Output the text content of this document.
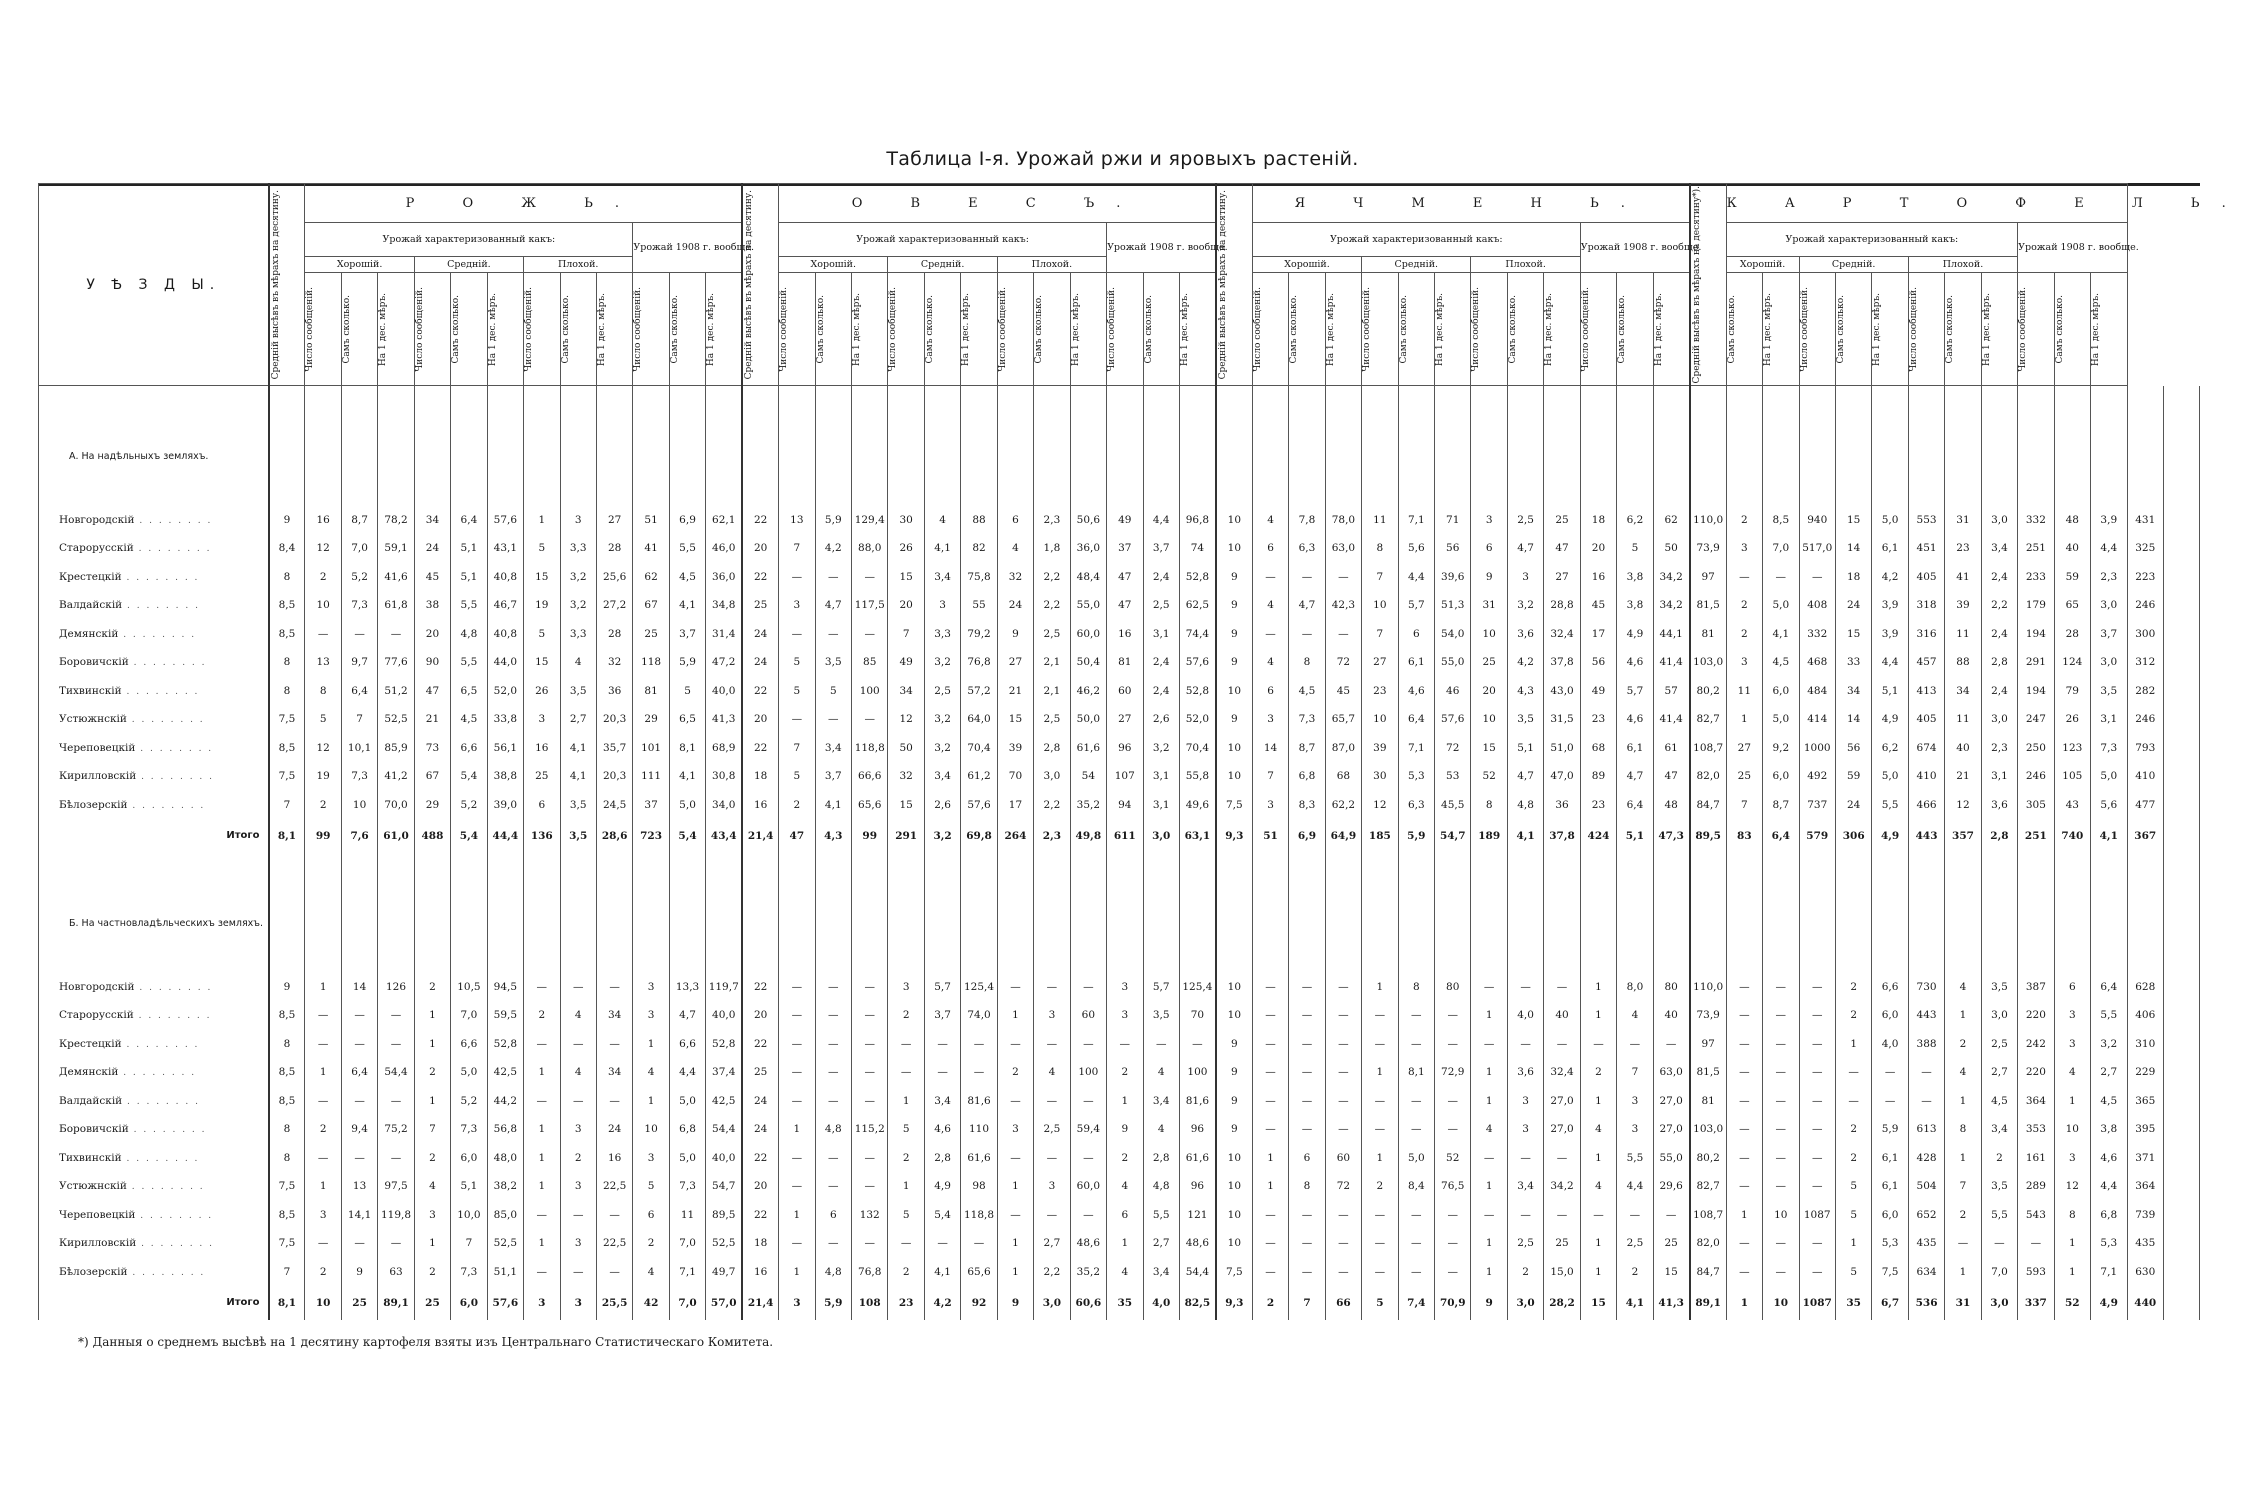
Таблица I-я. Урожай ржи и яровыхъ растеній.
У Ѣ З Д Ы.	Средній высѣвъ въ мѣрахъ на десятину.	Р О Ж Ь.												Средній высѣвъ въ мѣрахъ на десятину.	О В Е С Ъ.												Средній высѣвъ въ мѣрахъ на десятину.	Я Ч М Е Н Ь.												Средній высѣвъ въ мѣрахъ на десятину*).	К А Р Т О Ф Е Л Ь.												
		Урожай характеризованный какъ:									Урожай 1908 г. вообще.				Урожай характеризованный какъ:									Урожай 1908 г. вообще.				Урожай характеризованный какъ:									Урожай 1908 г. вообще.				Урожай характеризованный какъ:								Урожай 1908 г. вообще.				
		Хорошій.			Средній.			Плохой.							Хорошій.			Средній.			Плохой.							Хорошій.			Средній.			Плохой.							Хорошій.		Средній.			Плохой.							

		Число сообщеній.	Самъ сколько.	На 1 дес. мѣръ.	Число сообщеній.	Самъ сколько.	На 1 дес. мѣръ.	Число сообщеній.	Самъ сколько.	На 1 дес. мѣръ.	Число сообщеній.	Самъ сколько.	На 1 дес. мѣръ.		Число сообщеній.	Самъ сколько.	На 1 дес. мѣръ.	Число сообщеній.	Самъ сколько.	На 1 дес. мѣръ.	Число сообщеній.	Самъ сколько.	На 1 дес. мѣръ.	Число сообщеній.	Самъ сколько.	На 1 дес. мѣръ.		Число сообщеній.	Самъ сколько.	На 1 дес. мѣръ.	Число сообщеній.	Самъ сколько.	На 1 дес. мѣръ.	Число сообщеній.	Самъ сколько.	На 1 дес. мѣръ.	Число сообщеній.	Самъ сколько.	На 1 дес. мѣръ.		Самъ сколько.	На 1 дес. мѣръ.	Число сообщеній.	Самъ сколько.	На 1 дес. мѣръ.	Число сообщеній.	Самъ сколько.	На 1 дес. мѣръ.	Число сообщеній.	Самъ сколько.	На 1 дес. мѣръ.		

А. На надѣльныхъ земляхъ.																																																					
Новгородскій . . . . . . . .	9	16	8,7	78,2	34	6,4	57,6	1	3	27	51	6,9	62,1	22	13	5,9	129,4	30	4	88	6	2,3	50,6	49	4,4	96,8	10	4	7,8	78,0	11	7,1	71	3	2,5	25	18	6,2	62	110,0	2	8,5	940	15	5,0	553	31	3,0	332	48	3,9	431	
Старорусскій . . . . . . . .	8,4	12	7,0	59,1	24	5,1	43,1	5	3,3	28	41	5,5	46,0	20	7	4,2	88,0	26	4,1	82	4	1,8	36,0	37	3,7	74	10	6	6,3	63,0	8	5,6	56	6	4,7	47	20	5	50	73,9	3	7,0	517,0	14	6,1	451	23	3,4	251	40	4,4	325	
Крестецкій . . . . . . . .	8	2	5,2	41,6	45	5,1	40,8	15	3,2	25,6	62	4,5	36,0	22	—	—	—	15	3,4	75,8	32	2,2	48,4	47	2,4	52,8	9	—	—	—	7	4,4	39,6	9	3	27	16	3,8	34,2	97	—	—	—	18	4,2	405	41	2,4	233	59	2,3	223	
Валдайскій . . . . . . . .	8,5	10	7,3	61,8	38	5,5	46,7	19	3,2	27,2	67	4,1	34,8	25	3	4,7	117,5	20	3	55	24	2,2	55,0	47	2,5	62,5	9	4	4,7	42,3	10	5,7	51,3	31	3,2	28,8	45	3,8	34,2	81,5	2	5,0	408	24	3,9	318	39	2,2	179	65	3,0	246	
Демянскій . . . . . . . .	8,5	—	—	—	20	4,8	40,8	5	3,3	28	25	3,7	31,4	24	—	—	—	7	3,3	79,2	9	2,5	60,0	16	3,1	74,4	9	—	—	—	7	6	54,0	10	3,6	32,4	17	4,9	44,1	81	2	4,1	332	15	3,9	316	11	2,4	194	28	3,7	300	
Боровичскій . . . . . . . .	8	13	9,7	77,6	90	5,5	44,0	15	4	32	118	5,9	47,2	24	5	3,5	85	49	3,2	76,8	27	2,1	50,4	81	2,4	57,6	9	4	8	72	27	6,1	55,0	25	4,2	37,8	56	4,6	41,4	103,0	3	4,5	468	33	4,4	457	88	2,8	291	124	3,0	312	
Тихвинскій . . . . . . . .	8	8	6,4	51,2	47	6,5	52,0	26	3,5	36	81	5	40,0	22	5	5	100	34	2,5	57,2	21	2,1	46,2	60	2,4	52,8	10	6	4,5	45	23	4,6	46	20	4,3	43,0	49	5,7	57	80,2	11	6,0	484	34	5,1	413	34	2,4	194	79	3,5	282	
Устюжнскій . . . . . . . .	7,5	5	7	52,5	21	4,5	33,8	3	2,7	20,3	29	6,5	41,3	20	—	—	—	12	3,2	64,0	15	2,5	50,0	27	2,6	52,0	9	3	7,3	65,7	10	6,4	57,6	10	3,5	31,5	23	4,6	41,4	82,7	1	5,0	414	14	4,9	405	11	3,0	247	26	3,1	246	
Череповецкій . . . . . . . .	8,5	12	10,1	85,9	73	6,6	56,1	16	4,1	35,7	101	8,1	68,9	22	7	3,4	118,8	50	3,2	70,4	39	2,8	61,6	96	3,2	70,4	10	14	8,7	87,0	39	7,1	72	15	5,1	51,0	68	6,1	61	108,7	27	9,2	1000	56	6,2	674	40	2,3	250	123	7,3	793	
Кирилловскій . . . . . . . .	7,5	19	7,3	41,2	67	5,4	38,8	25	4,1	20,3	111	4,1	30,8	18	5	3,7	66,6	32	3,4	61,2	70	3,0	54	107	3,1	55,8	10	7	6,8	68	30	5,3	53	52	4,7	47,0	89	4,7	47	82,0	25	6,0	492	59	5,0	410	21	3,1	246	105	5,0	410	
Бѣлозерскій . . . . . . . .	7	2	10	70,0	29	5,2	39,0	6	3,5	24,5	37	5,0	34,0	16	2	4,1	65,6	15	2,6	57,6	17	2,2	35,2	94	3,1	49,6	7,5	3	8,3	62,2	12	6,3	45,5	8	4,8	36	23	6,4	48	84,7	7	8,7	737	24	5,5	466	12	3,6	305	43	5,6	477	
Итого	8,1	99	7,6	61,0	488	5,4	44,4	136	3,5	28,6	723	5,4	43,4	21,4	47	4,3	99	291	3,2	69,8	264	2,3	49,8	611	3,0	63,1	9,3	51	6,9	64,9	185	5,9	54,7	189	4,1	37,8	424	5,1	47,3	89,5	83	6,4	579	306	4,9	443	357	2,8	251	740	4,1	367	

Б. На частновладѣльческихъ земляхъ.																																																					
Новгородскій . . . . . . . .	9	1	14	126	2	10,5	94,5	—	—	—	3	13,3	119,7	22	—	—	—	3	5,7	125,4	—	—	—	3	5,7	125,4	10	—	—	—	1	8	80	—	—	—	1	8,0	80	110,0	—	—	—	2	6,6	730	4	3,5	387	6	6,4	628	
Старорусскій . . . . . . . .	8,5	—	—	—	1	7,0	59,5	2	4	34	3	4,7	40,0	20	—	—	—	2	3,7	74,0	1	3	60	3	3,5	70	10	—	—	—	—	—	—	1	4,0	40	1	4	40	73,9	—	—	—	2	6,0	443	1	3,0	220	3	5,5	406	
Крестецкій . . . . . . . .	8	—	—	—	1	6,6	52,8	—	—	—	1	6,6	52,8	22	—	—	—	—	—	—	—	—	—	—	—	—	9	—	—	—	—	—	—	—	—	—	—	—	—	97	—	—	—	1	4,0	388	2	2,5	242	3	3,2	310	
Демянскій . . . . . . . .	8,5	1	6,4	54,4	2	5,0	42,5	1	4	34	4	4,4	37,4	25	—	—	—	—	—	—	2	4	100	2	4	100	9	—	—	—	1	8,1	72,9	1	3,6	32,4	2	7	63,0	81,5	—	—	—	—	—	—	4	2,7	220	4	2,7	229	
Валдайскій . . . . . . . .	8,5	—	—	—	1	5,2	44,2	—	—	—	1	5,0	42,5	24	—	—	—	1	3,4	81,6	—	—	—	1	3,4	81,6	9	—	—	—	—	—	—	1	3	27,0	1	3	27,0	81	—	—	—	—	—	—	1	4,5	364	1	4,5	365	
Боровичскій . . . . . . . .	8	2	9,4	75,2	7	7,3	56,8	1	3	24	10	6,8	54,4	24	1	4,8	115,2	5	4,6	110	3	2,5	59,4	9	4	96	9	—	—	—	—	—	—	4	3	27,0	4	3	27,0	103,0	—	—	—	2	5,9	613	8	3,4	353	10	3,8	395	
Тихвинскій . . . . . . . .	8	—	—	—	2	6,0	48,0	1	2	16	3	5,0	40,0	22	—	—	—	2	2,8	61,6	—	—	—	2	2,8	61,6	10	1	6	60	1	5,0	52	—	—	—	1	5,5	55,0	80,2	—	—	—	2	6,1	428	1	2	161	3	4,6	371	
Устюжнскій . . . . . . . .	7,5	1	13	97,5	4	5,1	38,2	1	3	22,5	5	7,3	54,7	20	—	—	—	1	4,9	98	1	3	60,0	4	4,8	96	10	1	8	72	2	8,4	76,5	1	3,4	34,2	4	4,4	29,6	82,7	—	—	—	5	6,1	504	7	3,5	289	12	4,4	364	
Череповецкій . . . . . . . .	8,5	3	14,1	119,8	3	10,0	85,0	—	—	—	6	11	89,5	22	1	6	132	5	5,4	118,8	—	—	—	6	5,5	121	10	—	—	—	—	—	—	—	—	—	—	—	—	108,7	1	10	1087	5	6,0	652	2	5,5	543	8	6,8	739	
Кирилловскій . . . . . . . .	7,5	—	—	—	1	7	52,5	1	3	22,5	2	7,0	52,5	18	—	—	—	—	—	—	1	2,7	48,6	1	2,7	48,6	10	—	—	—	—	—	—	1	2,5	25	1	2,5	25	82,0	—	—	—	1	5,3	435	—	—	—	1	5,3	435	
Бѣлозерскій . . . . . . . .	7	2	9	63	2	7,3	51,1	—	—	—	4	7,1	49,7	16	1	4,8	76,8	2	4,1	65,6	1	2,2	35,2	4	3,4	54,4	7,5	—	—	—	—	—	—	1	2	15,0	1	2	15	84,7	—	—	—	5	7,5	634	1	7,0	593	1	7,1	630	
Итого	8,1	10	25	89,1	25	6,0	57,6	3	3	25,5	42	7,0	57,0	21,4	3	5,9	108	23	4,2	92	9	3,0	60,6	35	4,0	82,5	9,3	2	7	66	5	7,4	70,9	9	3,0	28,2	15	4,1	41,3	89,1	1	10	1087	35	6,7	536	31	3,0	337	52	4,9	440	

*) Данныя о среднемъ высѣвѣ на 1 десятину картофеля взяты изъ Центральнаго Статистическаго Комитета.
